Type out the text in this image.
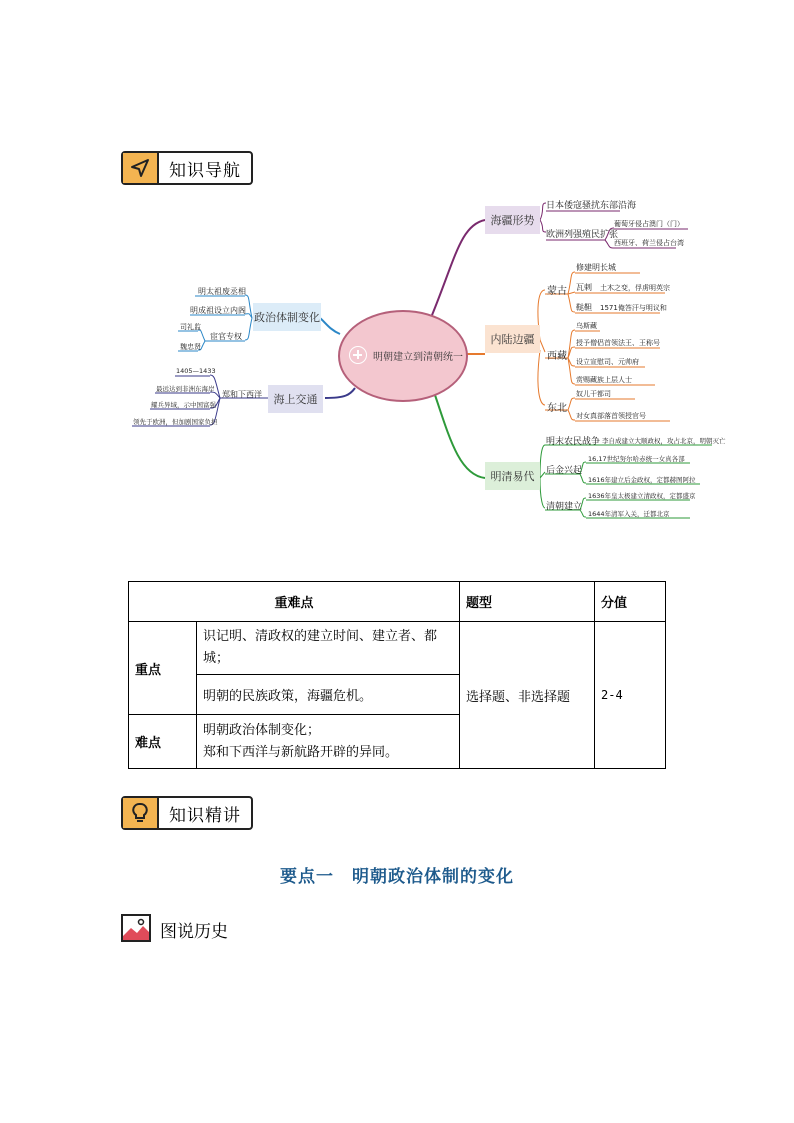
知识导航
明朝建立到清朝统一
海疆形势
内陆边疆
明清易代
政治体制变化
海上交通
日本倭寇骚扰东部沿海
欧洲列强殖民扩张
葡萄牙侵占澳门（门）
西班牙、荷兰侵占台湾
蒙古
西藏
东北
修建明长城
瓦剌
鞑靼
土木之变，俘虏明英宗
1571俺答汗与明议和
乌斯藏
授予僧侣首领法王、王称号
设立宣慰司、元帅府
赏赐藏族上层人士
奴儿干都司
对女真部落首领授官号
明末农民战争
后金兴起
清朝建立
李自成建立大顺政权，攻占北京，明朝灭亡
16,17世纪努尔哈赤统一女真各部
1616年建立后金政权，定都赫图阿拉
1636年皇太极建立清政权，定都盛京
1644年清军入关，迁都北京
明太祖废丞相
明成祖设立内阁
宦官专权
司礼监
魏忠贤
郑和下西洋
1405—1433
最远达到非洲东海岸
耀兵异域，示中国富强
领先于欧洲，但加剧国家负担
重难点		题型	分值
重点	识记明、清政权的建立时间、建立者、都城；	选择题、非选择题	2-4
	明朝的民族政策，海疆危机。		
难点	明朝政治体制变化；
郑和下西洋与新航路开辟的异同。		
知识精讲
要点一　明朝政治体制的变化
图说历史
